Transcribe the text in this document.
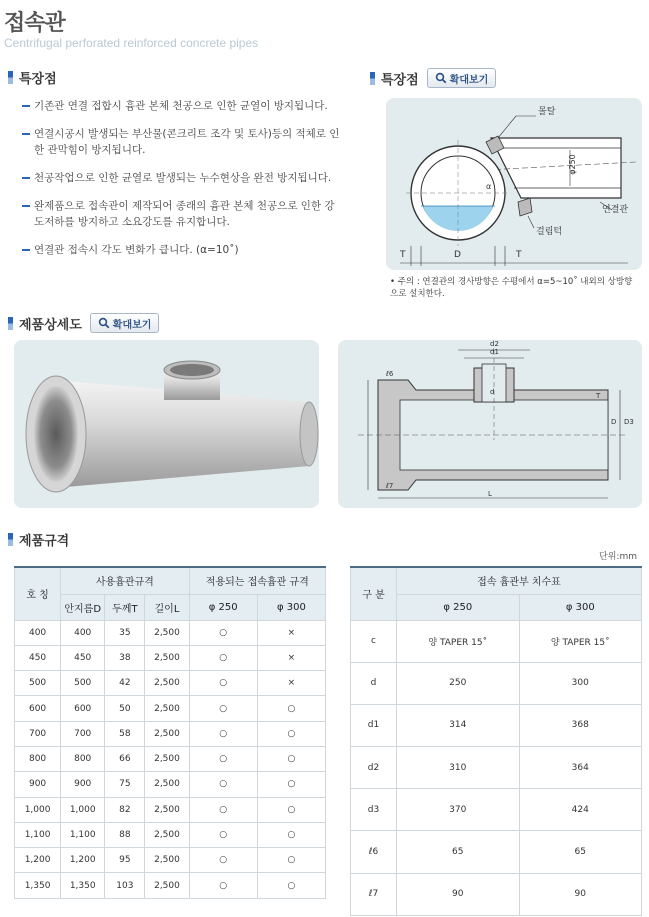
접속관
Centrifugal perforated reinforced concrete pipes
특장점
기존관 연결 접합시 흄관 본체 천공으로 인한 균열이 방지됩니다.
연결시공시 발생되는 부산물(콘크리트 조각 및 토사)등의 적체로 인한 관막힘이 방지됩니다.
천공작업으로 인한 균열로 발생되는 누수현상을 완전 방지됩니다.
완제품으로 접속관이 제작되어 종래의 흄관 본체 천공으로 인한 강도저하를 방지하고 소요강도를 유지합니다.
연결관 접속시 각도 변화가 큽니다. (α=10˚)
특장점	확대보기
몰탈
연결관
걸림턱
φ250
α
T	D	T
• 주의 : 연결관의 경사방향은 수평에서 α=5~10˚ 내외의 상방향으로 설치한다.
제품상세도	확대보기
d2
d1
d	T
D D3
L
ℓ6
ℓ7
제품규격
단위:mm
호 칭	사용흄관규격			적용되는 접속흄관 규격	
	안지름D	두께T	길이L	φ 250	φ 300
400	400	35	2,500	○	×
450	450	38	2,500	○	×
500	500	42	2,500	○	×
600	600	50	2,500	○	○
700	700	58	2,500	○	○
800	800	66	2,500	○	○
900	900	75	2,500	○	○
1,000	1,000	82	2,500	○	○
1,100	1,100	88	2,500	○	○
1,200	1,200	95	2,500	○	○
1,350	1,350	103	2,500	○	○
구 분	접속 흄관부 치수표	
	φ 250	φ 300
c	양 TAPER 15˚	양 TAPER 15˚
d	250	300
d1	314	368
d2	310	364
d3	370	424
ℓ6	65	65
ℓ7	90	90
